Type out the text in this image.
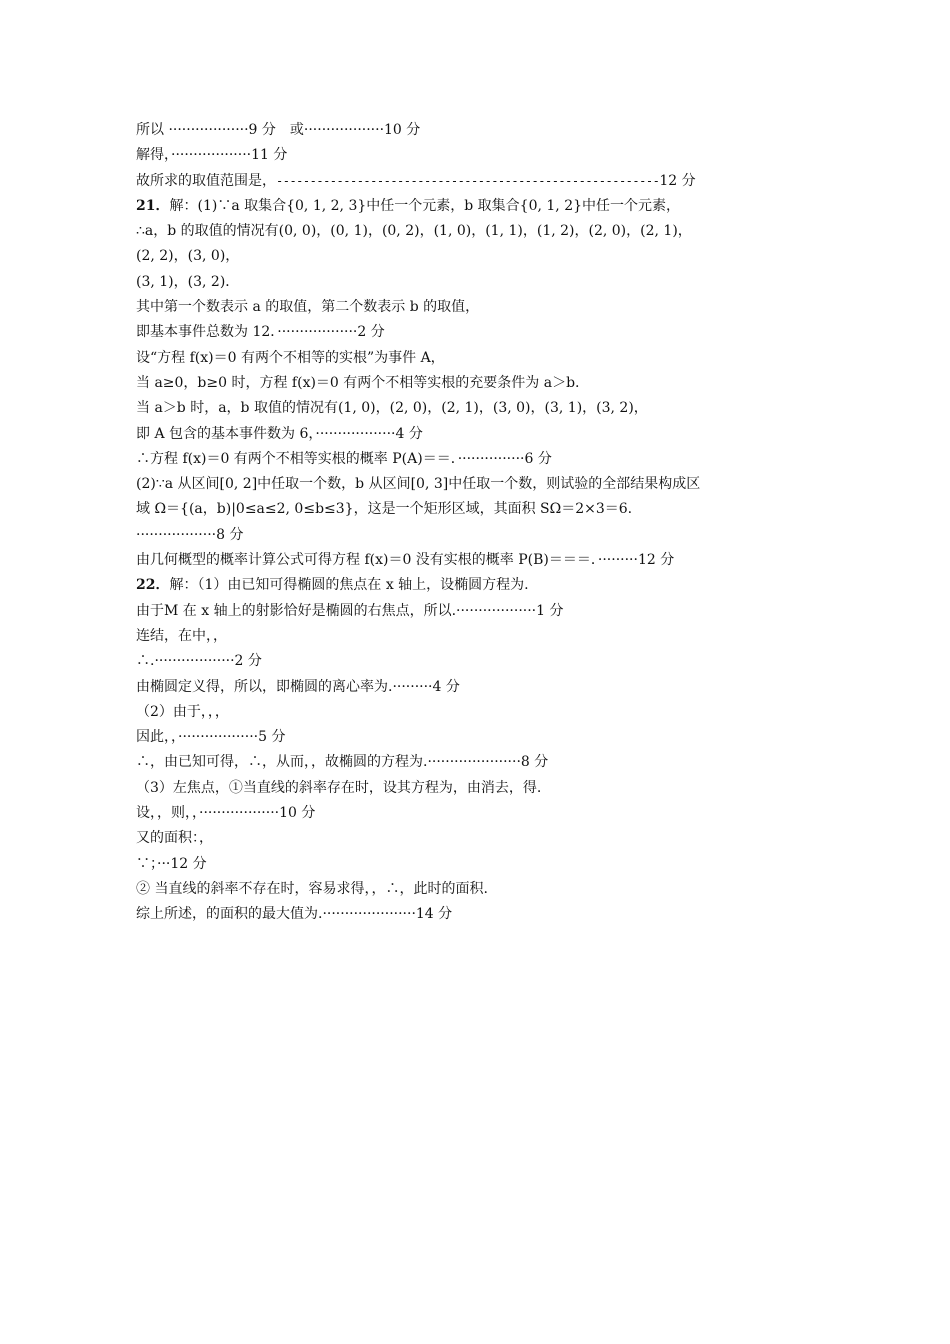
所以 ··················9 分　或··················10 分
解得，··················11 分
故所求的取值范围是，---------------------------------------------------------12 分
21．解：(1)∵a 取集合{0, 1, 2, 3}中任一个元素，b 取集合{0, 1, 2}中任一个元素，
∴a，b 的取值的情况有(0, 0)，(0, 1)，(0, 2)，(1, 0)，(1, 1)，(1, 2)，(2, 0)，(2, 1)，
(2, 2)，(3, 0)，
(3, 1)，(3, 2)．
其中第一个数表示 a 的取值，第二个数表示 b 的取值，
即基本事件总数为 12．··················2 分
设“方程 f(x)＝0 有两个不相等的实根”为事件 A，
当 a≥0，b≥0 时，方程 f(x)＝0 有两个不相等实根的充要条件为 a＞b.
当 a＞b 时，a，b 取值的情况有(1, 0)，(2, 0)，(2, 1)，(3, 0)，(3, 1)，(3, 2)，
即 A 包含的基本事件数为 6，··················4 分
∴方程 f(x)＝0 有两个不相等实根的概率 P(A)＝＝．···············6 分
(2)∵a 从区间[0, 2]中任取一个数，b 从区间[0, 3]中任取一个数，则试验的全部结果构成区
域 Ω＝{(a，b)|0≤a≤2, 0≤b≤3}，这是一个矩形区域，其面积 SΩ＝2×3＝6.
··················8 分
由几何概型的概率计算公式可得方程 f(x)＝0 没有实根的概率 P(B)＝＝＝．·········12 分
22．解：（1）由已知可得椭圆的焦点在 x 轴上，设椭圆方程为.
由于M 在 x 轴上的射影恰好是椭圆的右焦点，所以.··················1 分
连结，在中，，
∴.··················2 分
由椭圆定义得，所以，即椭圆的离心率为.·········4 分
（2）由于，，，
因此，，··················5 分
∴，由已知可得，∴，从而，，故椭圆的方程为.·····················8 分
（3）左焦点，①当直线的斜率存在时，设其方程为，由消去，得.
设，，则，，··················10 分
又的面积：，
∵；···12 分
② 当直线的斜率不存在时，容易求得，，∴，此时的面积.
综上所述，的面积的最大值为.·····················14 分
